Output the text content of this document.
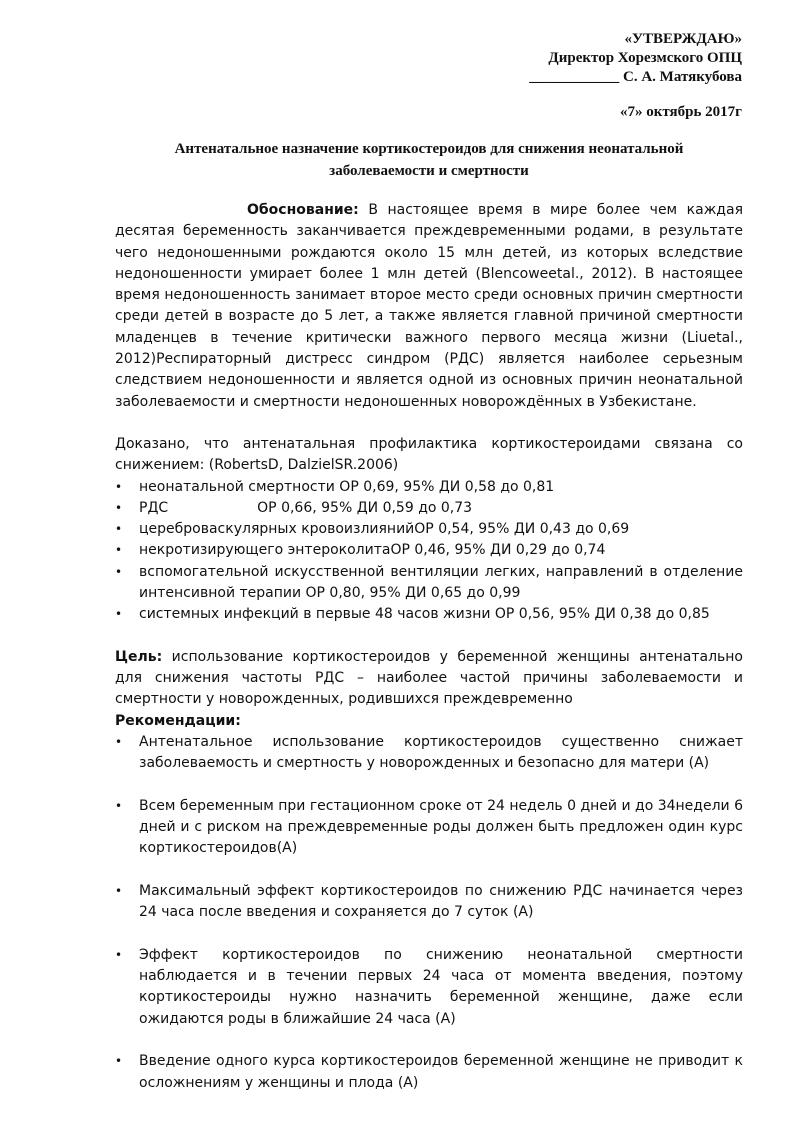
«УТВЕРЖДАЮ»
Директор Хорезмского ОПЦ
____________ С. А. Матякубова
«7» октябрь 2017г
Антенатальное назначение кортикостероидов для снижения неонатальной
заболеваемости и смертности

Обоснование: В настоящее время в мире более чем каждая десятая беременность заканчивается преждевременными родами, в результате чего недоношенными рождаются около 15 млн детей, из которых вследствие недоношенности умирает более 1 млн детей (Blencoweetal., 2012). В настоящее время недоношенность занимает второе место среди основных причин смертности среди детей в возрасте до 5 лет, а также является главной причиной смертности младенцев в течение критически важного первого месяца жизни (Liuetal., 2012)Респираторный дистресс синдром (РДС) является наиболее серьезным следствием недоношенности и является одной из основных причин неонатальной заболеваемости и смертности недоношенных новорождённых в Узбекистане.

Доказано, что антенатальная профилактика кортикостероидами связана со снижением: (RobertsD, DalzielSR.2006)

•	неонатальной смертности ОР 0,69, 95% ДИ 0,58 до 0,81
•	РДС                    ОР 0,66, 95% ДИ 0,59 до 0,73
•	цереброваскулярных кровоизлиянийОР 0,54, 95% ДИ 0,43 до 0,69
•	некротизирующего энтероколитаОР 0,46, 95% ДИ 0,29 до 0,74
•	вспомогательной искусственной вентиляции легких, направлений в отделение интенсивной терапии ОР 0,80, 95% ДИ 0,65 до 0,99
•	системных инфекций в первые 48 часов жизни ОР 0,56, 95% ДИ 0,38 до 0,85

Цель: использование кортикостероидов у беременной женщины антенатально для снижения частоты РДС – наиболее частой причины заболеваемости и смертности у новорожденных, родившихся преждевременно

Рекомендации:

•	Антенатальное использование кортикостероидов существенно снижает заболеваемость и смертность у новорожденных и безопасно для матери (А)
•	Всем беременным при гестационном сроке от 24 недель 0 дней и до 34недели 6 дней и с риском на преждевременные роды должен быть предложен один курс кортикостероидов(А)
•	Максимальный эффект кортикостероидов по снижению РДС начинается через 24 часа после введения и сохраняется до 7 суток (А)
•	Эффект кортикостероидов по снижению неонатальной смертности наблюдается и в течении первых 24 часа от момента введения, поэтому кортикостероиды нужно назначить беременной женщине, даже если ожидаются роды в ближайшие 24 часа (А)
•	Введение одного курса кортикостероидов беременной женщине не приводит к осложнениям у женщины и плода (А)
